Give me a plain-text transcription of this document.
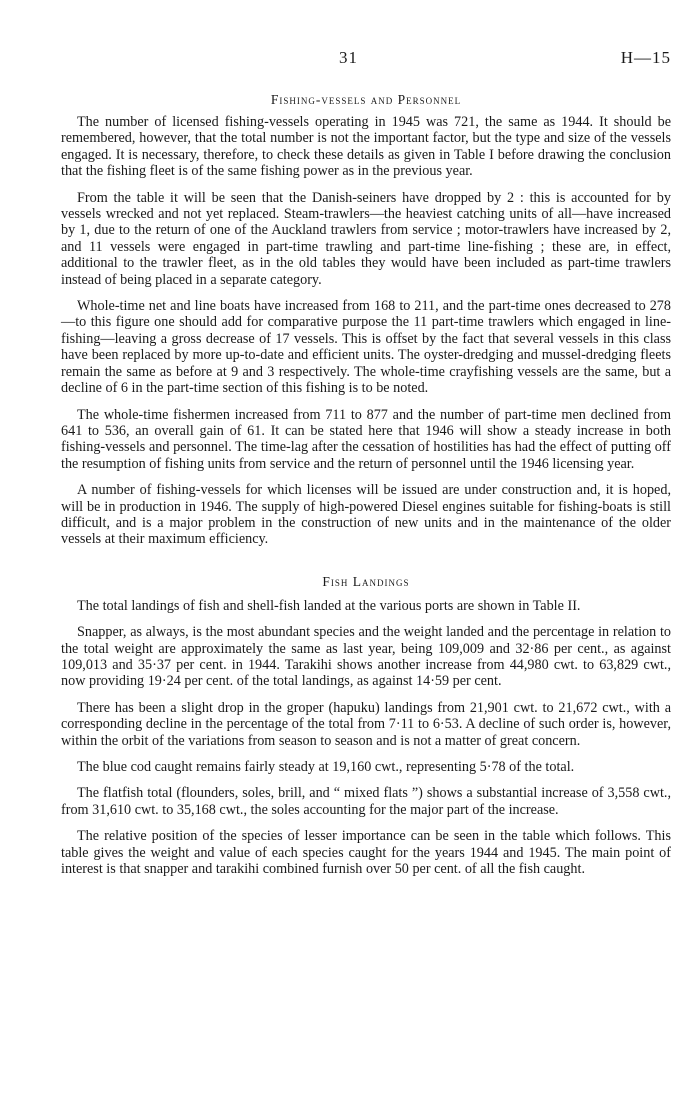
31	H—15
Fishing-vessels and Personnel

The number of licensed fishing-vessels operating in 1945 was 721, the same as 1944. It should be remembered, however, that the total number is not the important factor, but the type and size of the vessels engaged. It is necessary, therefore, to check these details as given in Table I before drawing the conclusion that the fishing fleet is of the same fishing power as in the previous year.

From the table it will be seen that the Danish-seiners have dropped by 2 : this is accounted for by vessels wrecked and not yet replaced. Steam-trawlers—the heaviest catching units of all—have increased by 1, due to the return of one of the Auckland trawlers from service ; motor-trawlers have increased by 2, and 11 vessels were engaged in part-time trawling and part-time line-fishing ; these are, in effect, additional to the trawler fleet, as in the old tables they would have been included as part-time trawlers instead of being placed in a separate category.

Whole-time net and line boats have increased from 168 to 211, and the part-time ones decreased to 278—to this figure one should add for comparative purpose the 11 part-time trawlers which engaged in line-fishing—leaving a gross decrease of 17 vessels. This is offset by the fact that several vessels in this class have been replaced by more up-to-date and efficient units. The oyster-dredging and mussel-dredging fleets remain the same as before at 9 and 3 respectively. The whole-time crayfishing vessels are the same, but a decline of 6 in the part-time section of this fishing is to be noted.

The whole-time fishermen increased from 711 to 877 and the number of part-time men declined from 641 to 536, an overall gain of 61. It can be stated here that 1946 will show a steady increase in both fishing-vessels and personnel. The time-lag after the cessation of hostilities has had the effect of putting off the resumption of fishing units from service and the return of personnel until the 1946 licensing year.

A number of fishing-vessels for which licenses will be issued are under construction and, it is hoped, will be in production in 1946. The supply of high-powered Diesel engines suitable for fishing-boats is still difficult, and is a major problem in the construction of new units and in the maintenance of the older vessels at their maximum efficiency.

Fish Landings

The total landings of fish and shell-fish landed at the various ports are shown in Table II.

Snapper, as always, is the most abundant species and the weight landed and the percentage in relation to the total weight are approximately the same as last year, being 109,009 and 32·86 per cent., as against 109,013 and 35·37 per cent. in 1944. Tarakihi shows another increase from 44,980 cwt. to 63,829 cwt., now providing 19·24 per cent. of the total landings, as against 14·59 per cent.

There has been a slight drop in the groper (hapuku) landings from 21,901 cwt. to 21,672 cwt., with a corresponding decline in the percentage of the total from 7·11 to 6·53. A decline of such order is, however, within the orbit of the variations from season to season and is not a matter of great concern.

The blue cod caught remains fairly steady at 19,160 cwt., representing 5·78 of the total.

The flatfish total (flounders, soles, brill, and “ mixed flats ”) shows a substantial increase of 3,558 cwt., from 31,610 cwt. to 35,168 cwt., the soles accounting for the major part of the increase.

The relative position of the species of lesser importance can be seen in the table which follows. This table gives the weight and value of each species caught for the years 1944 and 1945. The main point of interest is that snapper and tarakihi combined furnish over 50 per cent. of all the fish caught.
